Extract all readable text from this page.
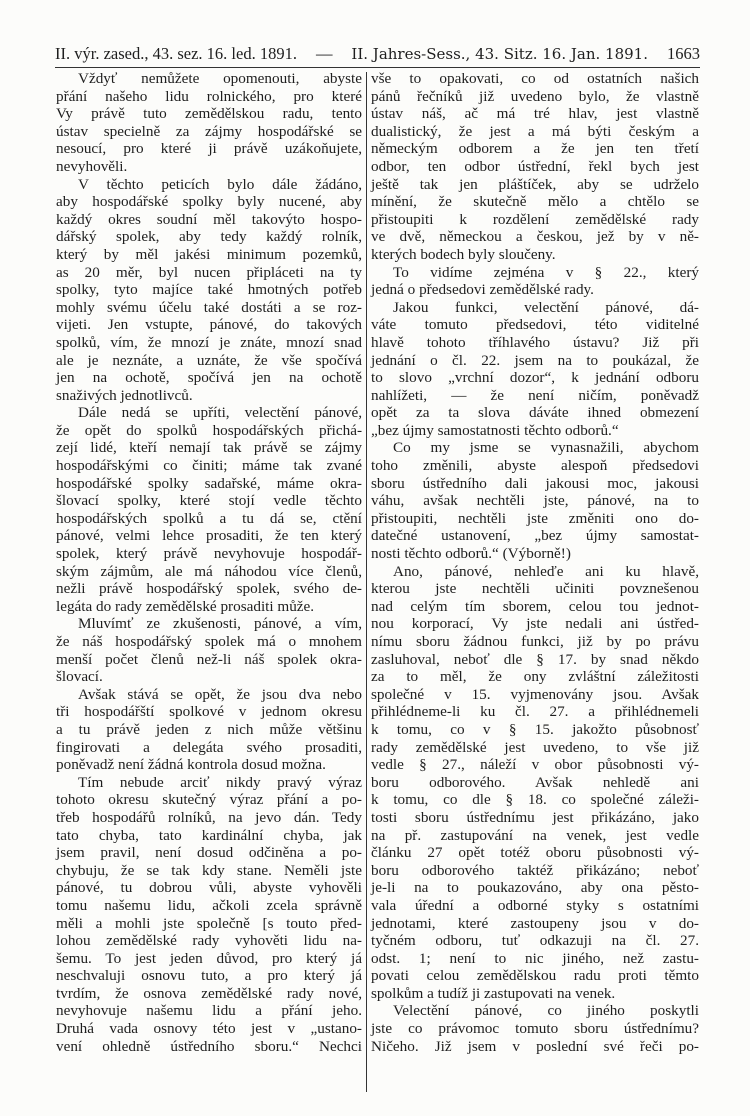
II. výr. zased., 43. sez. 16. led. 1891. — II. Jahres-Sess., 43. Sitz. 16. Jan. 1891. 1663
Vždyť nemůžete opomenouti, abyste
přání našeho lidu rolnického, pro které
Vy právě tuto zemědělskou radu, tento
ústav specielně za zájmy hospodářské se
nesoucí, pro které ji právě uzákoňujete,
nevyhověli.
V těchto peticích bylo dále žádáno,
aby hospodářské spolky byly nucené, aby
každý okres soudní měl takovýto hospo-
dářský spolek, aby tedy každý rolník,
který by měl jakési minimum pozemků,
as 20 měr, byl nucen připláceti na ty
spolky, tyto majíce také hmotných potřeb
mohly svému účelu také dostáti a se roz-
vijeti. Jen vstupte, pánové, do takových
spolků, vím, že mnozí je znáte, mnozí snad
ale je neznáte, a uznáte, že vše spočívá
jen na ochotě, spočívá jen na ochotě
snaživých jednotlivců.
Dále nedá se upříti, velectění pánové,
že opět do spolků hospodářských přichá-
zejí lidé, kteří nemají tak právě se zájmy
hospodářskými co činiti; máme tak zvané
hospodářské spolky sadařské, máme okra-
šlovací spolky, které stojí vedle těchto
hospodářských spolků a tu dá se, ctění
pánové, velmi lehce prosaditi, že ten který
spolek, který právě nevyhovuje hospodář-
ským zájmům, ale má náhodou více členů,
nežli právě hospodářský spolek, svého de-
legáta do rady zemědělské prosaditi může.
Mluvímť ze zkušenosti, pánové, a vím,
že náš hospodářský spolek má o mnohem
menší počet členů než-li náš spolek okra-
šlovací.
Avšak stává se opět, že jsou dva nebo
tři hospodářští spolkové v jednom okresu
a tu právě jeden z nich může většinu
fingirovati a delegáta svého prosaditi,
poněvadž není žádná kontrola dosud možna.
Tím nebude arciť nikdy pravý výraz
tohoto okresu skutečný výraz přání a po-
třeb hospodářů rolníků, na jevo dán. Tedy
tato chyba, tato kardinální chyba, jak
jsem pravil, není dosud odčiněna a po-
chybuju, že se tak kdy stane. Neměli jste
pánové, tu dobrou vůli, abyste vyhověli
tomu našemu lidu, ačkoli zcela správně
měli a mohli jste společně [s touto před-
lohou zemědělské rady vyhověti lidu na-
šemu. To jest jeden důvod, pro který já
neschvaluji osnovu tuto, a pro který já
tvrdím, že osnova zemědělské rady nové,
nevyhovuje našemu lidu a přání jeho.
Druhá vada osnovy této jest v „ustano-
vení ohledně ústředního sboru.“ Nechci
vše to opakovati, co od ostatních našich
pánů řečníků již uvedeno bylo, že vlastně
ústav náš, ač má tré hlav, jest vlastně
dualistický, že jest a má býti českým a
německým odborem a že jen ten třetí
odbor, ten odbor ústřední, řekl bych jest
ještě tak jen pláštíček, aby se udrželo
mínění, že skutečně mělo a chtělo se
přistoupiti k rozdělení zemědělské rady
ve dvě, německou a českou, jež by v ně-
kterých bodech byly sloučeny.
To vidíme zejména v § 22., který
jedná o předsedovi zemědělské rady.
Jakou funkci, velectění pánové, dá-
váte tomuto předsedovi, této viditelné
hlavě tohoto tříhlavého ústavu? Již při
jednání o čl. 22. jsem na to poukázal, že
to slovo „vrchní dozor“, k jednání odboru
nahlížeti, — že není ničím, poněvadž
opět za ta slova dáváte ihned obmezení
„bez újmy samostatnosti těchto odborů.“
Co my jsme se vynasnažili, abychom
toho změnili, abyste alespoň předsedovi
sboru ústředního dali jakousi moc, jakousi
váhu, avšak nechtěli jste, pánové, na to
přistoupiti, nechtěli jste změniti ono do-
datečné ustanovení, „bez újmy samostat-
nosti těchto odborů.“ (Výborně!)
Ano, pánové, nehleďe ani ku hlavě,
kterou jste nechtěli učiniti povznešenou
nad celým tím sborem, celou tou jednot-
nou korporací, Vy jste nedali ani ústřed-
nímu sboru žádnou funkci, již by po právu
zasluhoval, neboť dle § 17. by snad někdo
za to měl, že ony zvláštní záležitosti
společné v 15. vyjmenovány jsou. Avšak
přihlédneme-li ku čl. 27. a přihlédnemeli
k tomu, co v § 15. jakožto působnosť
rady zemědělské jest uvedeno, to vše již
vedle § 27., náleží v obor působnosti vý-
boru odborového. Avšak nehledě ani
k tomu, co dle § 18. co společné záleži-
tosti sboru ústřednímu jest přikázáno, jako
na př. zastupování na venek, jest vedle
článku 27 opět totéž oboru působnosti vý-
boru odborového taktéž přikázáno; neboť
je-li na to poukazováno, aby ona pěsto-
vala úřední a odborné styky s ostatními
jednotami, které zastoupeny jsou v do-
tyčném odboru, tuť odkazuji na čl. 27.
odst. 1; není to nic jiného, než zastu-
povati celou zemědělskou radu proti těmto
spolkům a tudíž ji zastupovati na venek.
Velectění pánové, co jiného poskytli
jste co právomoc tomuto sboru ústřednímu?
Ničeho. Již jsem v poslední své řeči po-
